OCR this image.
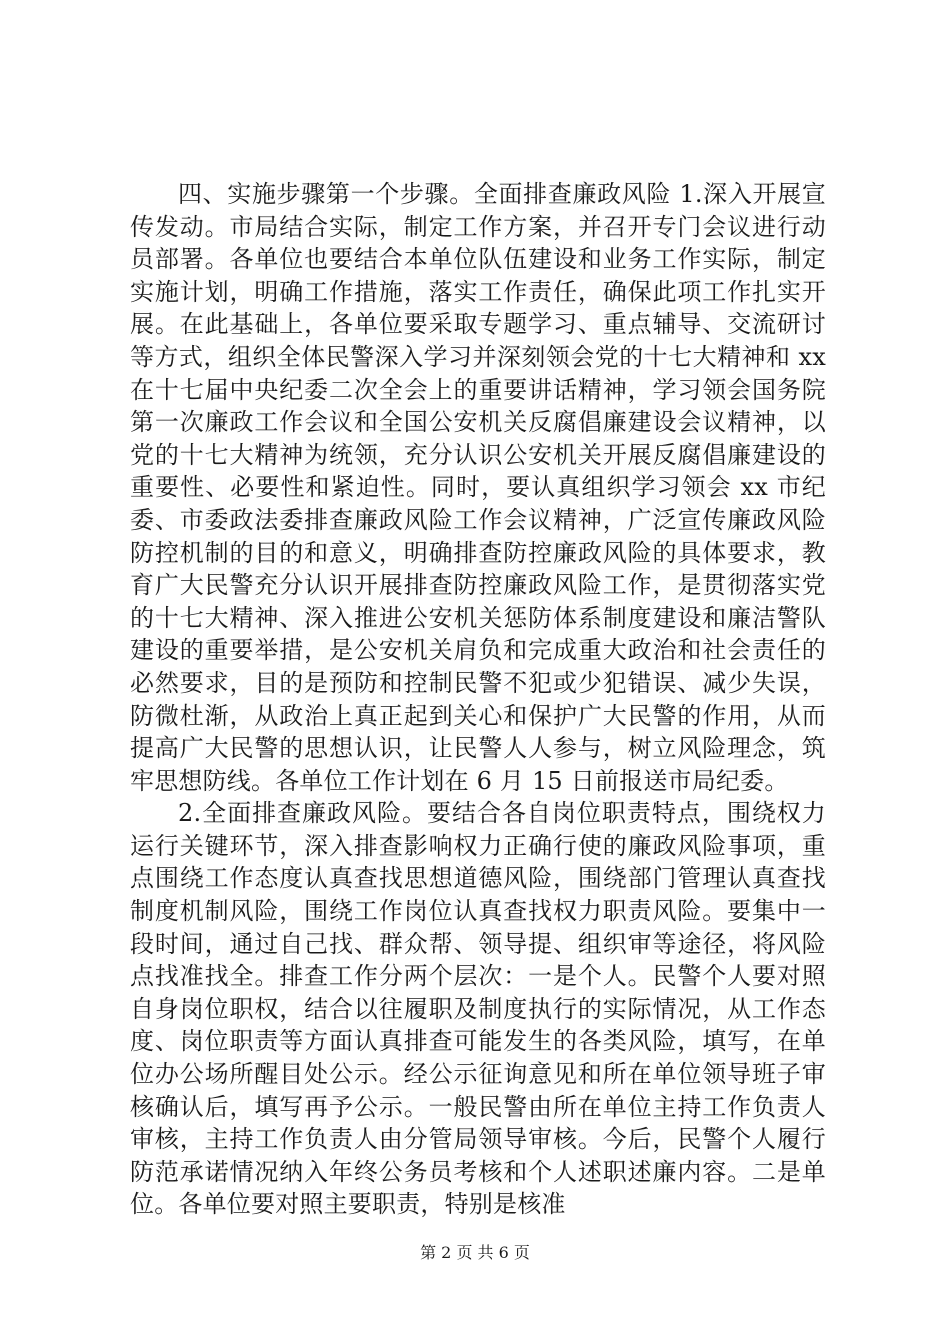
四、实施步骤第一个步骤。全面排查廉政风险 1.深入开展宣传发动。市局结合实际，制定工作方案，并召开专门会议进行动员部署。各单位也要结合本单位队伍建设和业务工作实际，制定实施计划，明确工作措施，落实工作责任，确保此项工作扎实开展。在此基础上，各单位要采取专题学习、重点辅导、交流研讨等方式，组织全体民警深入学习并深刻领会党的十七大精神和 xx 在十七届中央纪委二次全会上的重要讲话精神，学习领会国务院第一次廉政工作会议和全国公安机关反腐倡廉建设会议精神，以党的十七大精神为统领，充分认识公安机关开展反腐倡廉建设的重要性、必要性和紧迫性。同时，要认真组织学习领会 xx 市纪委、市委政法委排查廉政风险工作会议精神，广泛宣传廉政风险防控机制的目的和意义，明确排查防控廉政风险的具体要求，教育广大民警充分认识开展排查防控廉政风险工作，是贯彻落实党的十七大精神、深入推进公安机关惩防体系制度建设和廉洁警队建设的重要举措，是公安机关肩负和完成重大政治和社会责任的必然要求，目的是预防和控制民警不犯或少犯错误、减少失误，防微杜渐，从政治上真正起到关心和保护广大民警的作用，从而提高广大民警的思想认识，让民警人人参与，树立风险理念，筑牢思想防线。各单位工作计划在 6 月 15 日前报送市局纪委。

2.全面排查廉政风险。要结合各自岗位职责特点，围绕权力运行关键环节，深入排查影响权力正确行使的廉政风险事项，重点围绕工作态度认真查找思想道德风险，围绕部门管理认真查找制度机制风险，围绕工作岗位认真查找权力职责风险。要集中一段时间，通过自己找、群众帮、领导提、组织审等途径，将风险点找准找全。排查工作分两个层次：一是个人。民警个人要对照自身岗位职权，结合以往履职及制度执行的实际情况，从工作态度、岗位职责等方面认真排查可能发生的各类风险，填写，在单位办公场所醒目处公示。经公示征询意见和所在单位领导班子审核确认后，填写再予公示。一般民警由所在单位主持工作负责人审核，主持工作负责人由分管局领导审核。今后，民警个人履行防范承诺情况纳入年终公务员考核和个人述职述廉内容。二是单位。各单位要对照主要职责，特别是核准

第 2 页 共 6 页
